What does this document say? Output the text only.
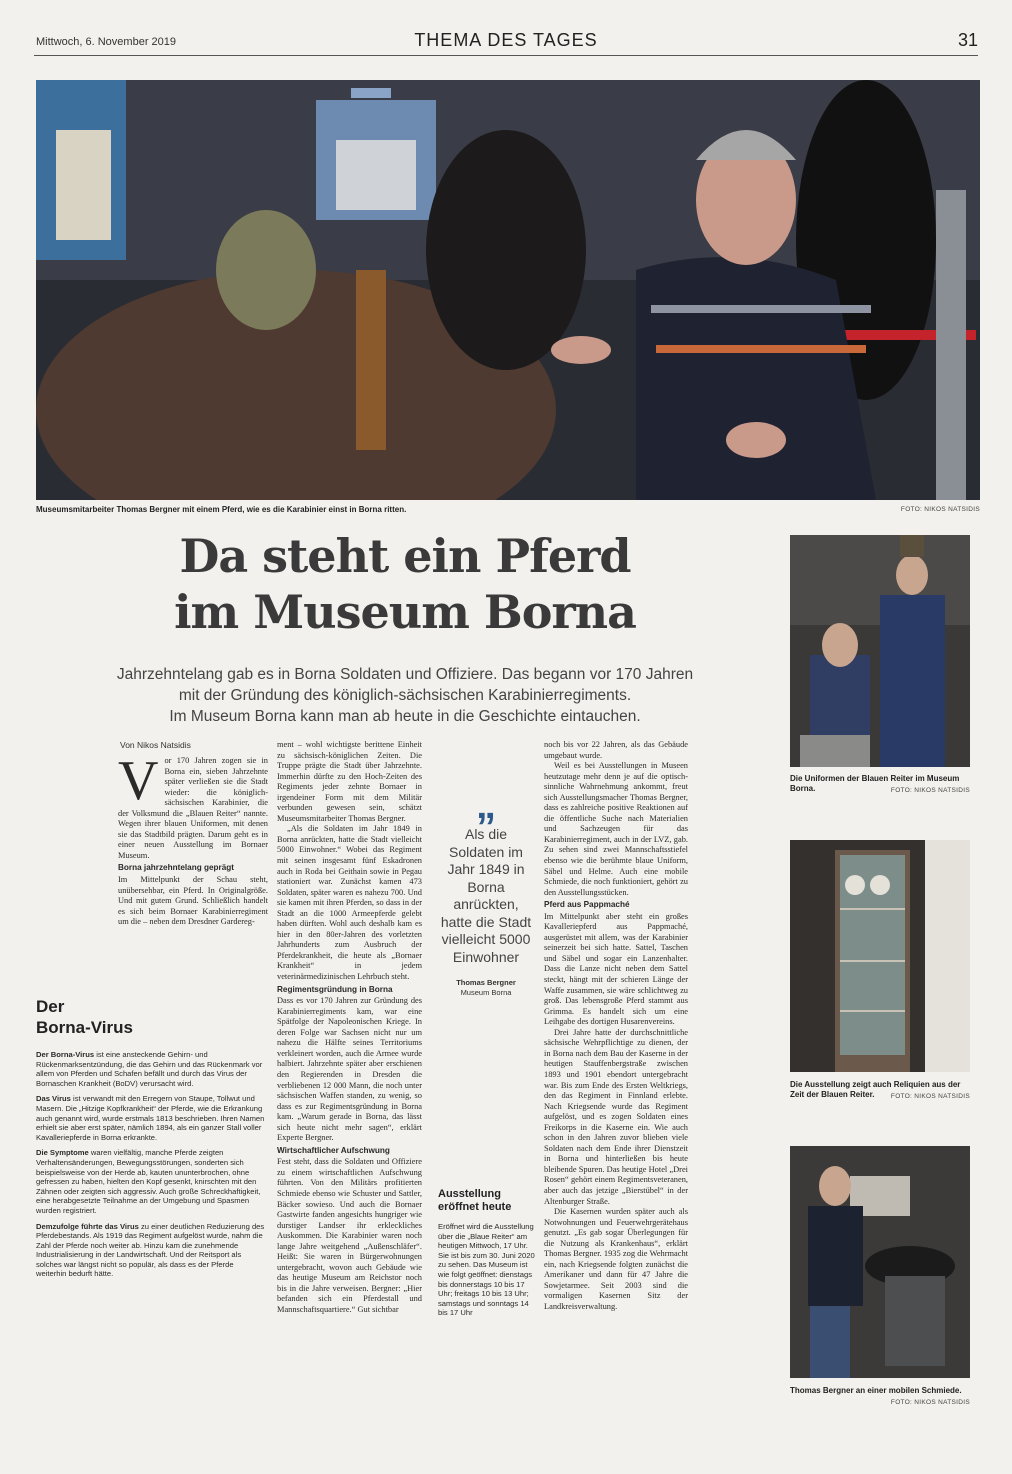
Mittwoch, 6. November 2019	THEMA DES TAGES	31
Museumsmitarbeiter Thomas Bergner mit einem Pferd, wie es die Karabinier einst in Borna ritten.	FOTO: NIKOS NATSIDIS
Da steht ein Pferd
im Museum Borna
Jahrzehntelang gab es in Borna Soldaten und Offiziere. Das begann vor 170 Jahren
mit der Gründung des königlich-sächsischen Karabinierregiments.
Im Museum Borna kann man ab heute in die Geschichte eintauchen.
Von Nikos Natsidis
V or 170 Jahren zogen sie in Borna ein, sieben Jahrzehnte später verließen sie die Stadt wieder: die königlich-sächsischen Karabinier, die der Volksmund die „Blauen Reiter“ nannte. Wegen ihrer blauen Uniformen, mit denen sie das Stadtbild prägten. Darum geht es in einer neuen Ausstellung im Bornaer Museum.

Borna jahrzehntelang geprägt

Im Mittelpunkt der Schau steht, unübersehbar, ein Pferd. In Originalgröße. Und mit gutem Grund. Schließlich handelt es sich beim Bornaer Karabinierregiment um die – neben dem Dresdner Gardereg-

Der
Borna-Virus

Der Borna-Virus ist eine ansteckende Gehirn- und Rückenmarksentzündung, die das Gehirn und das Rückenmark vor allem von Pferden und Schafen befällt und durch das Virus der Bornaschen Krankheit (BoDV) verursacht wird.

Das Virus ist verwandt mit den Erregern von Staupe, Tollwut und Masern. Die „Hitzige Kopfkrankheit“ der Pferde, wie die Erkrankung auch genannt wird, wurde erstmals 1813 beschrieben. Ihren Namen erhielt sie aber erst später, nämlich 1894, als ein ganzer Stall voller Kavalleriepferde in Borna erkrankte.

Die Symptome waren vielfältig, manche Pferde zeigten Verhaltensänderungen, Bewegungsstörungen, sonderten sich beispielsweise von der Herde ab, kauten ununterbrochen, ohne gefressen zu haben, hielten den Kopf gesenkt, knirschten mit den Zähnen oder zeigten sich aggressiv. Auch große Schreckhaftigkeit, eine herabgesetzte Teilnahme an der Umgebung und Spasmen wurden registriert.

Demzufolge führte das Virus zu einer deutlichen Reduzierung des Pferdebestands. Als 1919 das Regiment aufgelöst wurde, nahm die Zahl der Pferde noch weiter ab. Hinzu kam die zunehmende Industrialisierung in der Landwirtschaft. Und der Reitsport als solches war längst nicht so populär, als dass es der Pferde weiterhin bedurft hätte.

ment – wohl wichtigste berittene Einheit zu sächsisch-königlichen Zeiten. Die Truppe prägte die Stadt über Jahrzehnte. Immerhin dürfte zu den Hoch-Zeiten des Regiments jeder zehnte Bornaer in irgendeiner Form mit dem Militär verbunden gewesen sein, schätzt Museumsmitarbeiter Thomas Bergner.

„Als die Soldaten im Jahr 1849 in Borna anrückten, hatte die Stadt vielleicht 5000 Einwohner.“ Wobei das Regiment mit seinen insgesamt fünf Eskadronen auch in Roda bei Geithain sowie in Pegau stationiert war. Zunächst kamen 473 Soldaten, später waren es nahezu 700. Und sie kamen mit ihren Pferden, so dass in der Stadt an die 1000 Armeepferde gelebt haben dürften. Wohl auch deshalb kam es hier in den 80er-Jahren des vorletzten Jahrhunderts zum Ausbruch der Pferdekrankheit, die heute als „Bornaer Krankheit“ in jedem veterinärmedizinischen Lehrbuch steht.

Regimentsgründung in Borna

Dass es vor 170 Jahren zur Gründung des Karabinierregiments kam, war eine Spätfolge der Napoleonischen Kriege. In deren Folge war Sachsen nicht nur um nahezu die Hälfte seines Territoriums verkleinert worden, auch die Armee wurde halbiert. Jahrzehnte später aber erschienen den Regierenden in Dresden die verbliebenen 12 000 Mann, die noch unter sächsischen Waffen standen, zu wenig, so dass es zur Regimentsgründung in Borna kam. „Warum gerade in Borna, das lässt sich heute nicht mehr sagen“, erklärt Experte Bergner.

Wirtschaftlicher Aufschwung

Fest steht, dass die Soldaten und Offiziere zu einem wirtschaftlichen Aufschwung führten. Von den Militärs profitierten Schmiede ebenso wie Schuster und Sattler, Bäcker sowieso. Und auch die Bornaer Gastwirte fanden angesichts hungriger wie durstiger Landser ihr erkleckliches Auskommen. Die Karabinier waren noch lange Jahre weitgehend „Außenschläfer“. Heißt: Sie waren in Bürgerwohnungen untergebracht, wovon auch Gebäude wie das heutige Museum am Reichstor noch bis in die Jahre verweisen. Bergner: „Hier befanden sich ein Pferdestall und Mannschaftsquartiere.“ Gut sichtbar

„
Als die Soldaten im Jahr 1849 in Borna anrückten, hatte die Stadt vielleicht 5000 Einwohner
Thomas Bergner
Museum Borna
Ausstellung
eröffnet heute
Eröffnet wird die Ausstellung über die „Blaue Reiter“ am heutigen Mittwoch, 17 Uhr. Sie ist bis zum 30. Juni 2020 zu sehen. Das Museum ist wie folgt geöffnet: dienstags bis donnerstags 10 bis 17 Uhr; freitags 10 bis 13 Uhr; samstags und sonntags 14 bis 17 Uhr

noch bis vor 22 Jahren, als das Gebäude umgebaut wurde.

Weil es bei Ausstellungen in Museen heutzutage mehr denn je auf die optisch-sinnliche Wahrnehmung ankommt, freut sich Ausstellungsmacher Thomas Bergner, dass es zahlreiche positive Reaktionen auf die öffentliche Suche nach Materialien und Sachzeugen für das Karabinierregiment, auch in der LVZ, gab. Zu sehen sind zwei Mannschaftsstiefel ebenso wie die berühmte blaue Uniform, Säbel und Helme. Auch eine mobile Schmiede, die noch funktioniert, gehört zu den Ausstellungsstücken.

Pferd aus Pappmaché

Im Mittelpunkt aber steht ein großes Kavalleriepferd aus Pappmaché, ausgerüstet mit allem, was der Karabinier seinerzeit bei sich hatte. Sattel, Taschen und Säbel und sogar ein Lanzenhalter. Dass die Lanze nicht neben dem Sattel steckt, hängt mit der schieren Länge der Waffe zusammen, sie wäre schlichtweg zu groß. Das lebensgroße Pferd stammt aus Grimma. Es handelt sich um eine Leihgabe des dortigen Husarenvereins.

Drei Jahre hatte der durchschnittliche sächsische Wehrpflichtige zu dienen, der in Borna nach dem Bau der Kaserne in der heutigen Stauffenbergstraße zwischen 1893 und 1901 ebendort untergebracht war. Bis zum Ende des Ersten Weltkriegs, den das Regiment in Finnland erlebte. Nach Kriegsende wurde das Regiment aufgelöst, und es zogen Soldaten eines Freikorps in die Kaserne ein. Wie auch schon in den Jahren zuvor blieben viele Soldaten nach dem Ende ihrer Dienstzeit in Borna und hinterließen bis heute bleibende Spuren. Das heutige Hotel „Drei Rosen“ gehört einem Regimentsveteranen, aber auch das jetzige „Bierstübel“ in der Altenburger Straße.

Die Kasernen wurden später auch als Notwohnungen und Feuerwehrgerätehaus genutzt. „Es gab sogar Überlegungen für die Nutzung als Krankenhaus“, erklärt Thomas Bergner. 1935 zog die Wehrmacht ein, nach Kriegsende folgten zunächst die Amerikaner und dann für 47 Jahre die Sowjetarmee. Seit 2003 sind die vormaligen Kasernen Sitz der Landkreisverwaltung.

Die Uniformen der Blauen Reiter im Museum Borna.	FOTO: NIKOS NATSIDIS
Die Ausstellung zeigt auch Reliquien aus der Zeit der Blauen Reiter.	FOTO: NIKOS NATSIDIS
Thomas Bergner an einer mobilen Schmiede.
FOTO: NIKOS NATSIDIS
